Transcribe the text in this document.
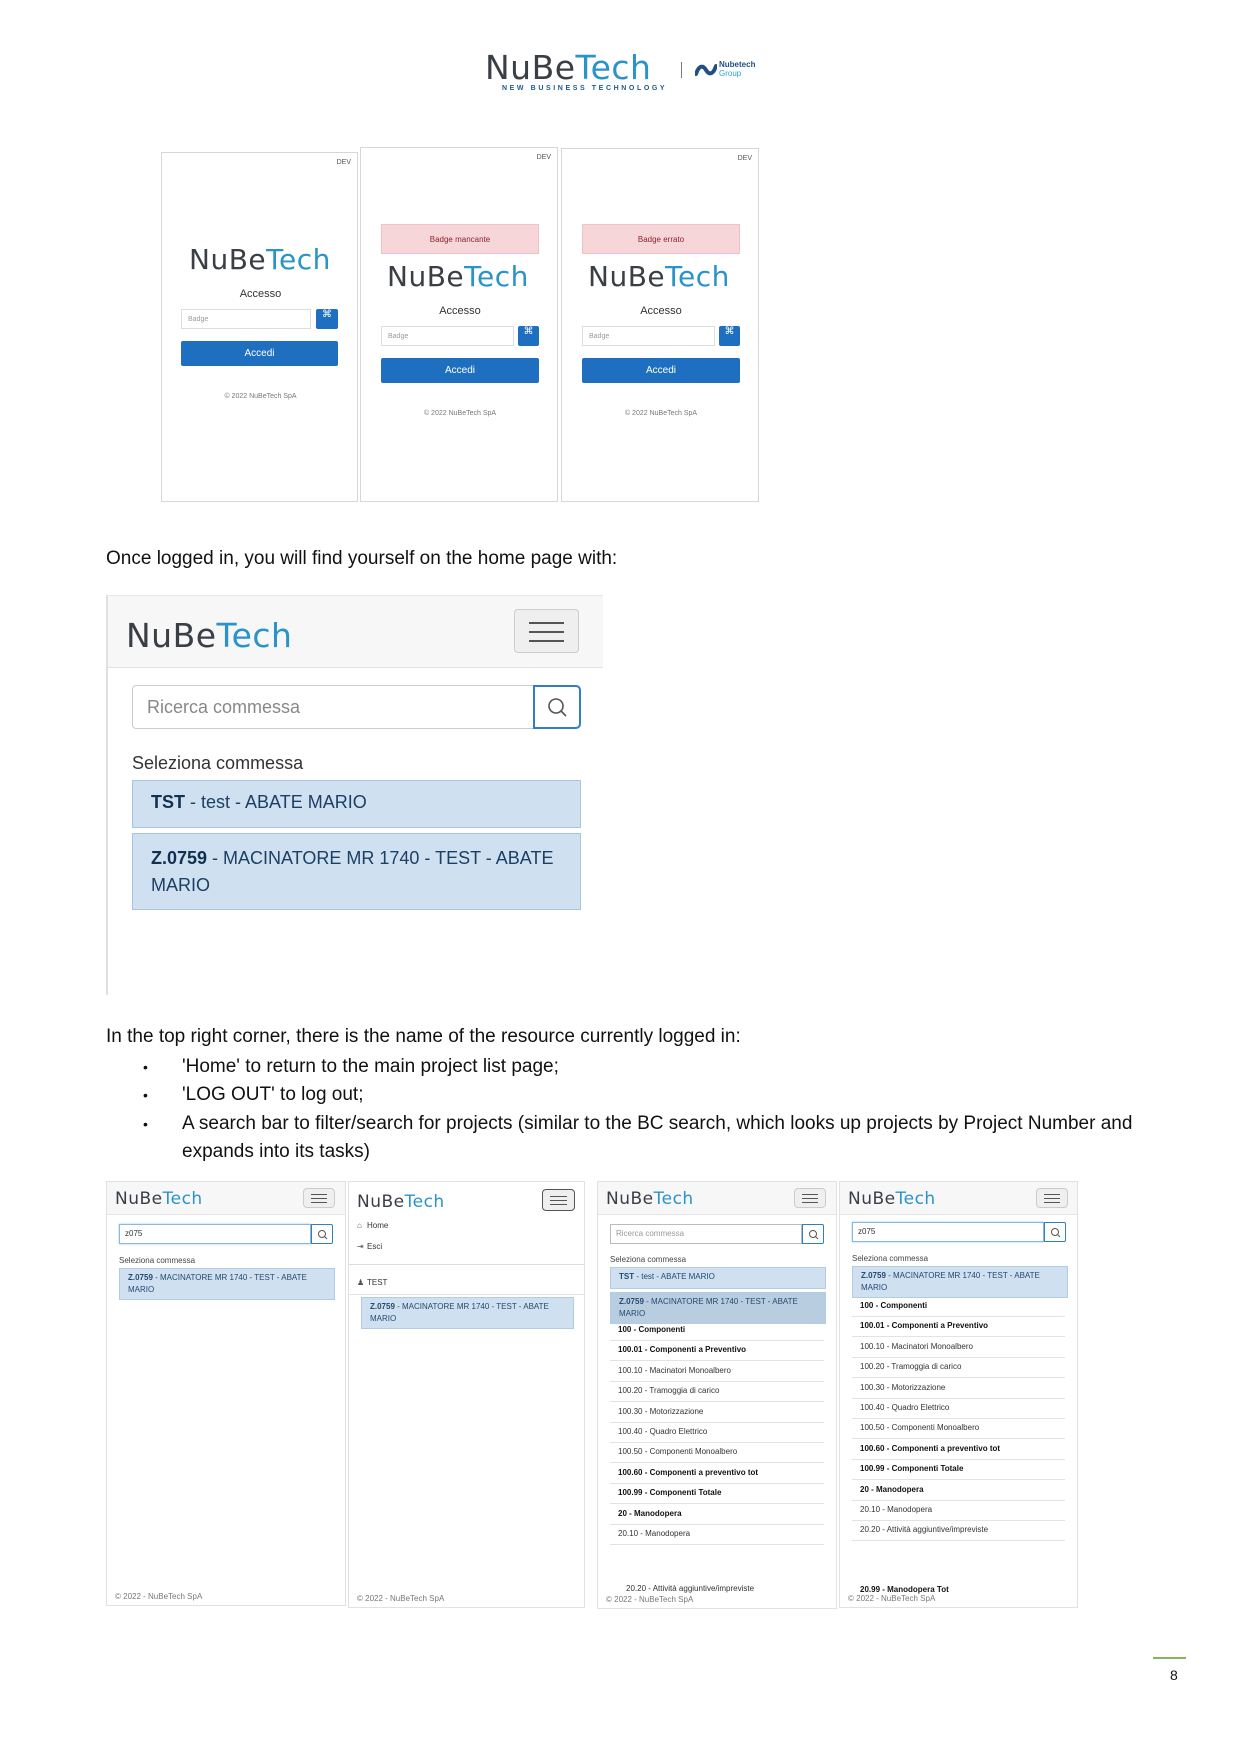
NuBeTech
NEW BUSINESS TECHNOLOGY
Nubetech
Group
DEV
NuBeTech
Accesso
Badge	⌘
Accedi
© 2022 NuBeTech SpA
DEV
Badge mancante
NuBeTech
Accesso
Badge	⌘
Accedi
© 2022 NuBeTech SpA
DEV
Badge errato
NuBeTech
Accesso
Badge	⌘
Accedi
© 2022 NuBeTech SpA
Once logged in, you will find yourself on the home page with:
NuBeTech
Ricerca commessa
Seleziona commessa
TST - test - ABATE MARIO
Z.0759 - MACINATORE MR 1740 - TEST - ABATE MARIO
In the top right corner, there is the name of the resource currently logged in:
• 'Home' to return to the main project list page;
• 'LOG OUT' to log out;
• A search bar to filter/search for projects (similar to the BC search, which looks up projects by Project Number and expands into its tasks)
NuBeTech
z075
Seleziona commessa
Z.0759 - MACINATORE MR 1740 - TEST - ABATE MARIO
© 2022 - NuBeTech SpA
NuBeTech
⌂ Home
⇥ Esci
♟ TEST
Z.0759 - MACINATORE MR 1740 - TEST - ABATE MARIO
© 2022 - NuBeTech SpA
NuBeTech
Ricerca commessa
Seleziona commessa
TST - test - ABATE MARIO
Z.0759 - MACINATORE MR 1740 - TEST - ABATE MARIO
20.20 - Attività aggiuntive/impreviste
© 2022 - NuBeTech SpA
100 - Componenti
100.01 - Componenti a Preventivo
100.10 - Macinatori Monoalbero
100.20 - Tramoggia di carico
100.30 - Motorizzazione
100.40 - Quadro Elettrico
100.50 - Componenti Monoalbero
100.60 - Componenti a preventivo tot
100.99 - Componenti Totale
20 - Manodopera
20.10 - Manodopera
NuBeTech
z075
Seleziona commessa
Z.0759 - MACINATORE MR 1740 - TEST - ABATE MARIO
20.99 - Manodopera Tot
© 2022 - NuBeTech SpA
100 - Componenti
100.01 - Componenti a Preventivo
100.10 - Macinatori Monoalbero
100.20 - Tramoggia di carico
100.30 - Motorizzazione
100.40 - Quadro Elettrico
100.50 - Componenti Monoalbero
100.60 - Componenti a preventivo tot
100.99 - Componenti Totale
20 - Manodopera
20.10 - Manodopera
20.20 - Attività aggiuntive/impreviste
8
